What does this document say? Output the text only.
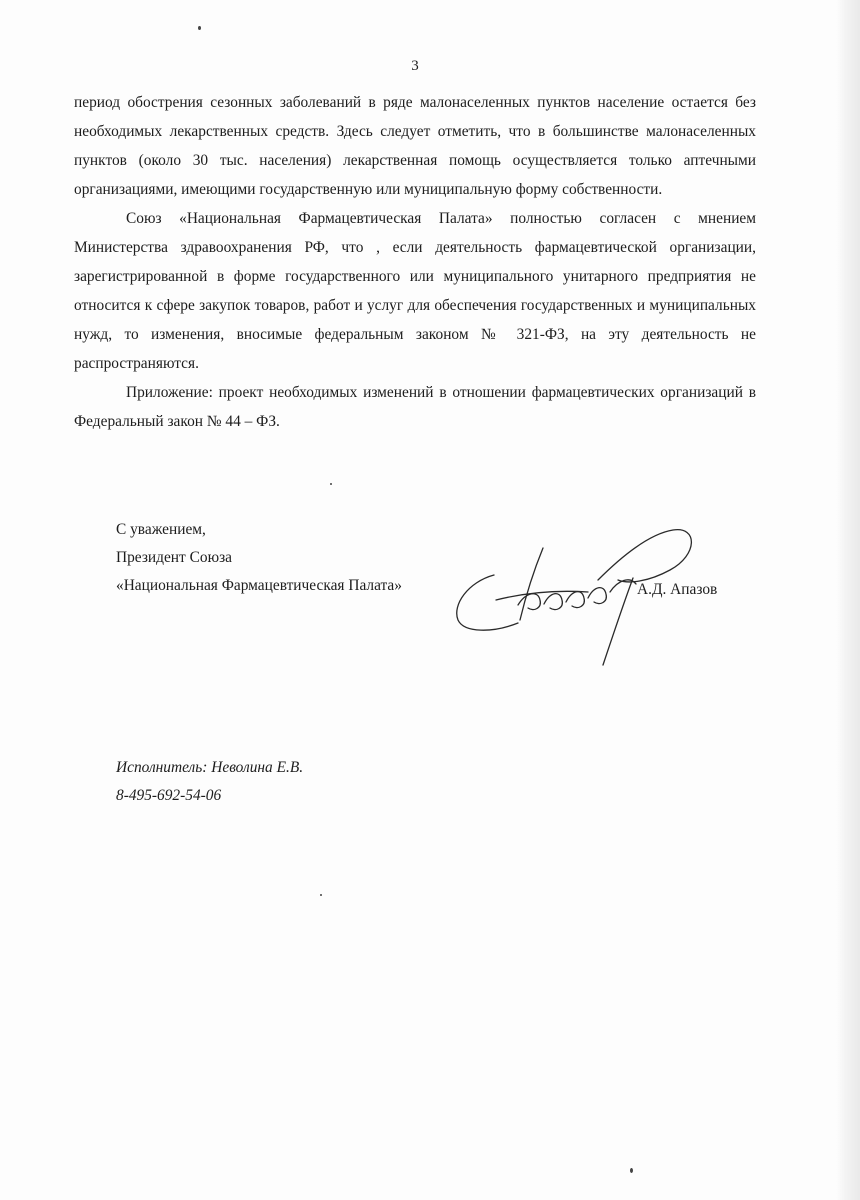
3

период обострения сезонных заболеваний в ряде малонаселенных пунктов население остается без необходимых лекарственных средств. Здесь следует отметить, что в большинстве малонаселенных пунктов (около 30 тыс. населения) лекарственная помощь осуществляется только аптечными организациями, имеющими государственную или муниципальную форму собственности.

Союз «Национальная Фармацевтическая Палата» полностью согласен с мнением Министерства здравоохранения РФ, что , если деятельность фармацевтической организации, зарегистрированной в форме государственного или муниципального унитарного предприятия не относится к сфере закупок товаров, работ и услуг для обеспечения государственных и муниципальных нужд, то изменения, вносимые федеральным законом № 321-ФЗ, на эту деятельность не распространяются.

Приложение: проект необходимых изменений в отношении фармацевтических организаций в Федеральный закон № 44 – ФЗ.

С уважением,
Президент Союза
«Национальная Фармацевтическая Палата»	А.Д. Апазов
Исполнитель: Неволина Е.В.
8-495-692-54-06
